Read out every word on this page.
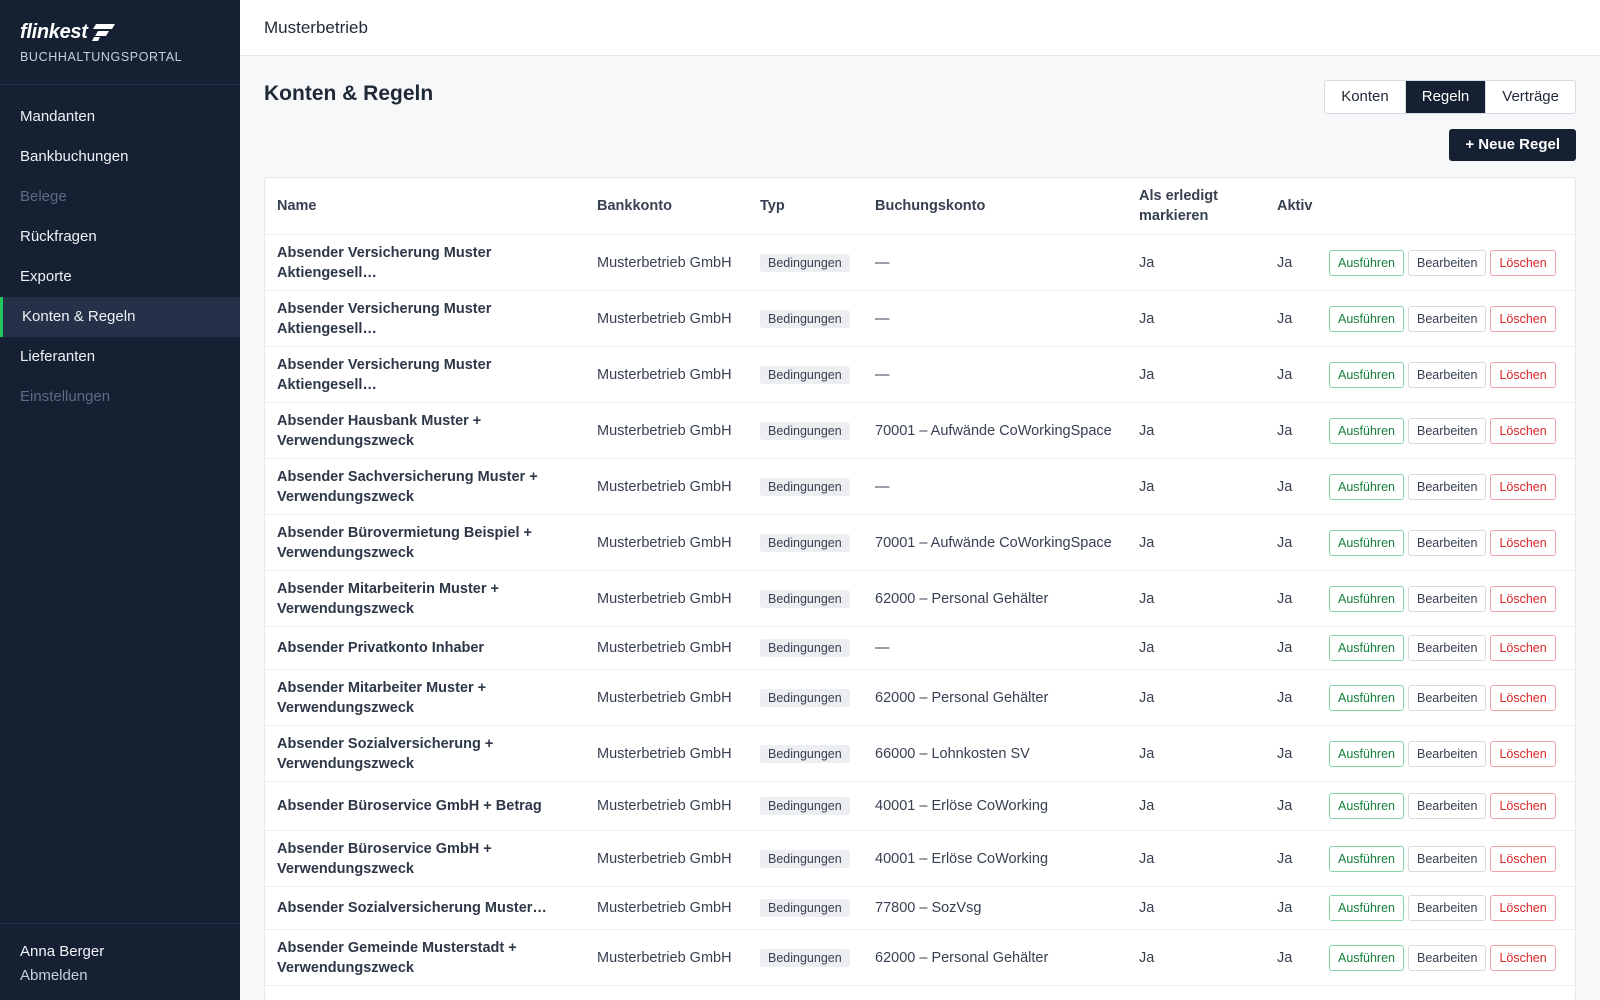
flinkest
BUCHHALTUNGSPORTAL
Mandanten
Bankbuchungen
Belege
Rückfragen
Exporte
Konten & Regeln
Lieferanten
Einstellungen
Anna Berger
Abmelden
Musterbetrieb
Konten & Regeln	Konten	Regeln	Verträge
+ Neue Regel
Name	Bankkonto	Typ	Buchungskonto
Als erledigt markieren
Aktiv
Absender Versicherung Muster Aktiengesell…
Musterbetrieb GmbH	Bedingungen	—	Ja	Ja	Ausführen	Bearbeiten	Löschen
Absender Versicherung Muster Aktiengesell…
Musterbetrieb GmbH	Bedingungen	—	Ja	Ja	Ausführen	Bearbeiten	Löschen
Absender Versicherung Muster Aktiengesell…
Musterbetrieb GmbH	Bedingungen	—	Ja	Ja	Ausführen	Bearbeiten	Löschen
Absender Hausbank Muster + Verwendungszweck
Musterbetrieb GmbH	Bedingungen	70001 – Aufwände CoWorkingSpace	Ja	Ja	Ausführen	Bearbeiten	Löschen
Absender Sachversicherung Muster + Verwendungszweck
Musterbetrieb GmbH	Bedingungen	—	Ja	Ja	Ausführen	Bearbeiten	Löschen
Absender Bürovermietung Beispiel + Verwendungszweck
Musterbetrieb GmbH	Bedingungen	70001 – Aufwände CoWorkingSpace	Ja	Ja	Ausführen	Bearbeiten	Löschen
Absender Mitarbeiterin Muster + Verwendungszweck
Musterbetrieb GmbH	Bedingungen	62000 – Personal Gehälter	Ja	Ja	Ausführen	Bearbeiten	Löschen
Absender Privatkonto Inhaber	Musterbetrieb GmbH	Bedingungen	—	Ja	Ja	Ausführen	Bearbeiten	Löschen
Absender Mitarbeiter Muster + Verwendungszweck
Musterbetrieb GmbH	Bedingungen	62000 – Personal Gehälter	Ja	Ja	Ausführen	Bearbeiten	Löschen
Absender Sozialversicherung + Verwendungszweck
Musterbetrieb GmbH	Bedingungen	66000 – Lohnkosten SV	Ja	Ja	Ausführen	Bearbeiten	Löschen
Absender Büroservice GmbH + Betrag	Musterbetrieb GmbH	Bedingungen	40001 – Erlöse CoWorking	Ja	Ja	Ausführen	Bearbeiten	Löschen
Absender Büroservice GmbH + Verwendungszweck
Musterbetrieb GmbH	Bedingungen	40001 – Erlöse CoWorking	Ja	Ja	Ausführen	Bearbeiten	Löschen
Absender Sozialversicherung Muster…	Musterbetrieb GmbH	Bedingungen	77800 – SozVsg	Ja	Ja	Ausführen	Bearbeiten	Löschen
Absender Gemeinde Musterstadt + Verwendungszweck
Musterbetrieb GmbH	Bedingungen	62000 – Personal Gehälter	Ja	Ja	Ausführen	Bearbeiten	Löschen
